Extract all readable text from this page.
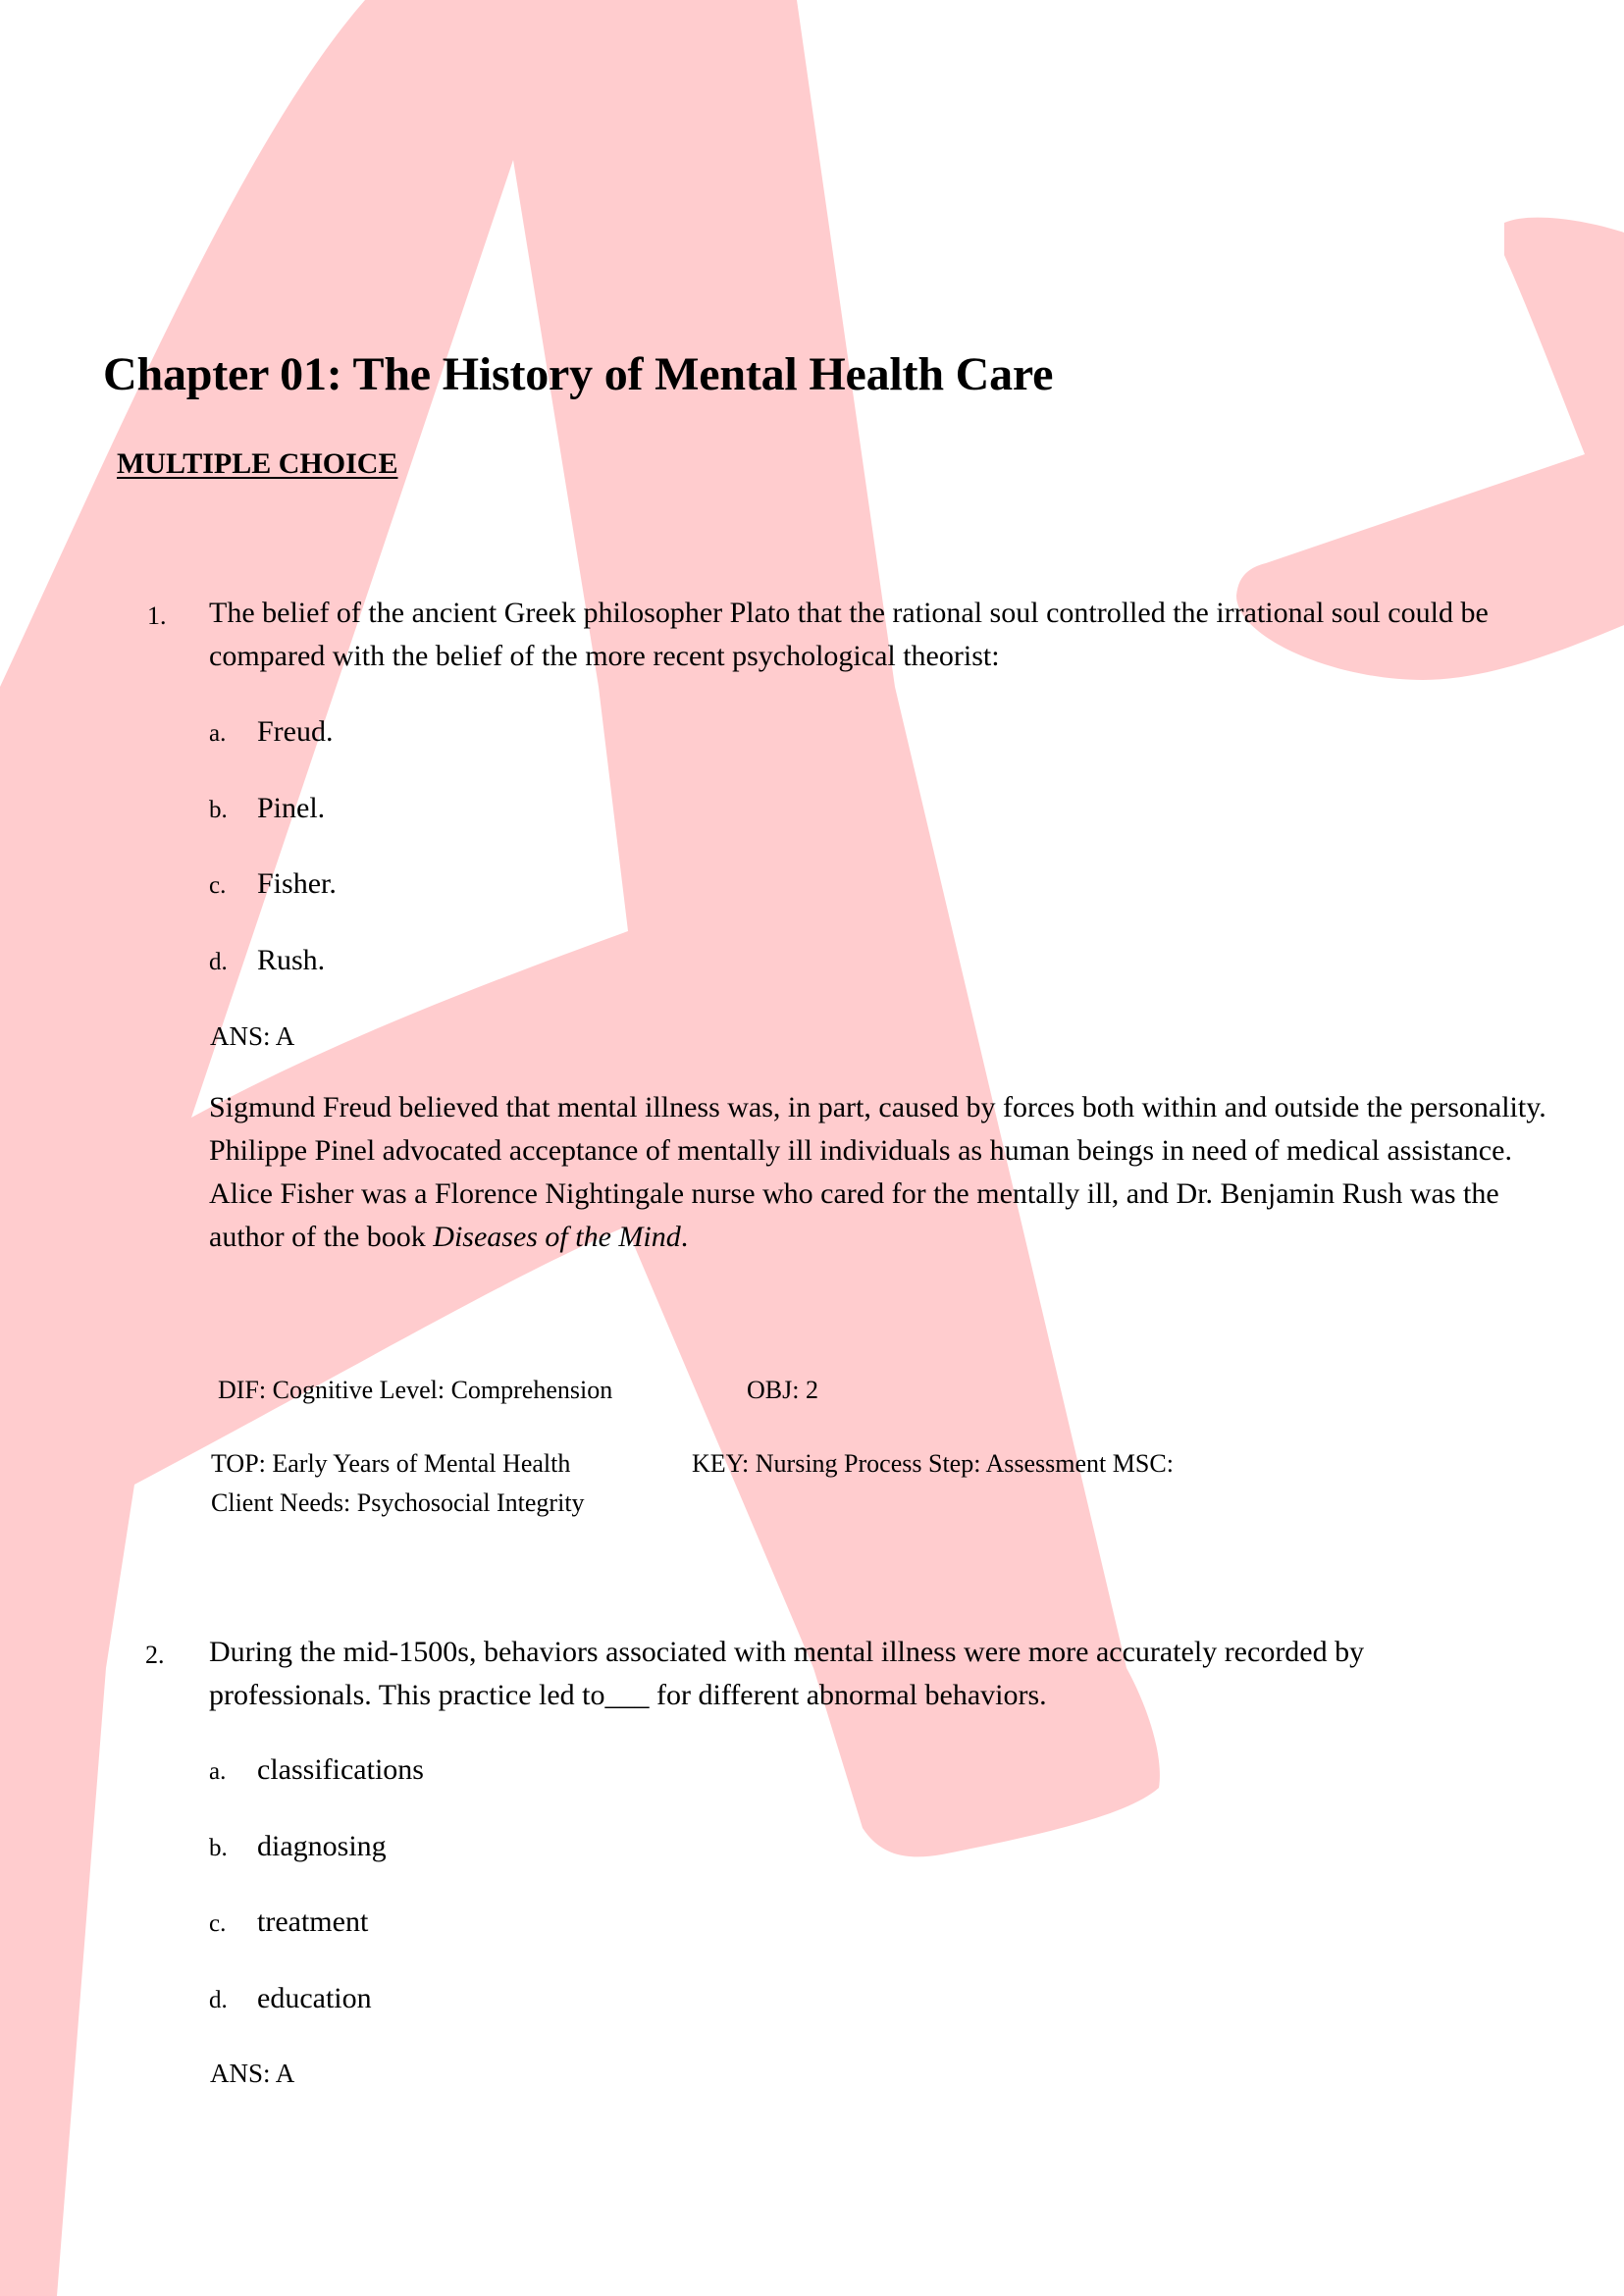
Chapter 01: The History of Mental Health Care
MULTIPLE CHOICE
1. The belief of the ancient Greek philosopher Plato that the rational soul controlled the irrational soul could be compared with the belief of the more recent psychological theorist:
a. Freud.
b. Pinel.
c. Fisher.
d. Rush.
ANS: A
Sigmund Freud believed that mental illness was, in part, caused by forces both within and outside the personality. Philippe Pinel advocated acceptance of mentally ill individuals as human beings in need of medical assistance. Alice Fisher was a Florence Nightingale nurse who cared for the mentally ill, and Dr. Benjamin Rush was the author of the book Diseases of the Mind.
DIF: Cognitive Level: Comprehension	OBJ: 2
TOP: Early Years of Mental Health	KEY: Nursing Process Step: Assessment MSC:
Client Needs: Psychosocial Integrity
2. During the mid-1500s, behaviors associated with mental illness were more accurately recorded by professionals. This practice led to___ for different abnormal behaviors.
a. classifications
b. diagnosing
c. treatment
d. education
ANS: A
